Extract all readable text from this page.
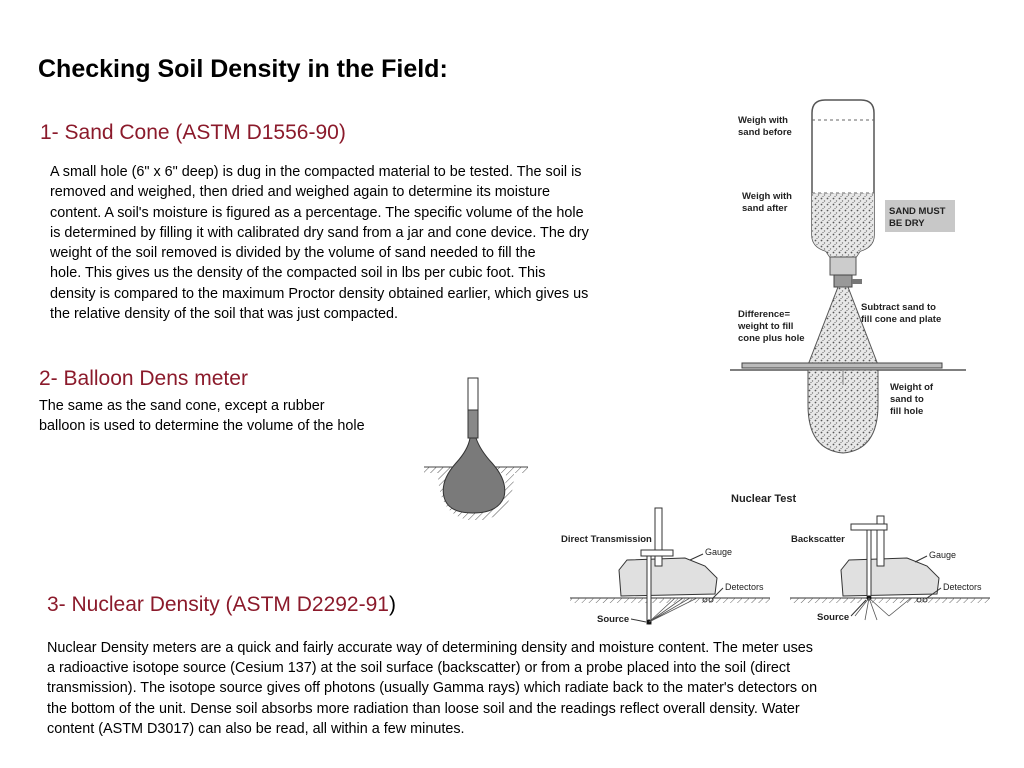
Checking Soil Density in the Field:
1- Sand Cone (ASTM D1556-90)

A small hole (6" x 6" deep) is dug in the compacted material to be tested. The soil is

removed and weighed, then dried and weighed again to determine its moisture

content. A soil's moisture is figured as a percentage. The specific volume of the hole

is determined by filling it with calibrated dry sand from a jar and cone device. The dry

weight of the soil removed is divided by the volume of sand needed to fill the

hole. This gives us the density of the compacted soil in lbs per cubic foot. This

density is compared to the maximum Proctor density obtained earlier, which gives us

the relative density of the soil that was just compacted.

2- Balloon Dens meter

The same as the sand cone, except a rubber

balloon is used to determine the volume of the hole

3- Nuclear Density (ASTM D2292-91)

Nuclear Density meters are a quick and fairly accurate way of determining density and moisture content. The meter uses

a radioactive isotope source (Cesium 137) at the soil surface (backscatter) or from a probe placed into the soil (direct

transmission). The isotope source gives off photons (usually Gamma rays) which radiate back to the mater's detectors on

the bottom of the unit. Dense soil absorbs more radiation than loose soil and the readings reflect overall density. Water

content (ASTM D3017) can also be read, all within a few minutes.

Weigh with
sand before
Weigh with
sand after	SAND MUST
BE DRY
Subtract sand to
fill cone and plate
Difference=
weight to fill
cone plus hole
Weight of
sand to
fill hole
Nuclear Test
Direct Transmission
Gauge
Detectors
Source
Backscatter
Gauge
Detectors
Source
